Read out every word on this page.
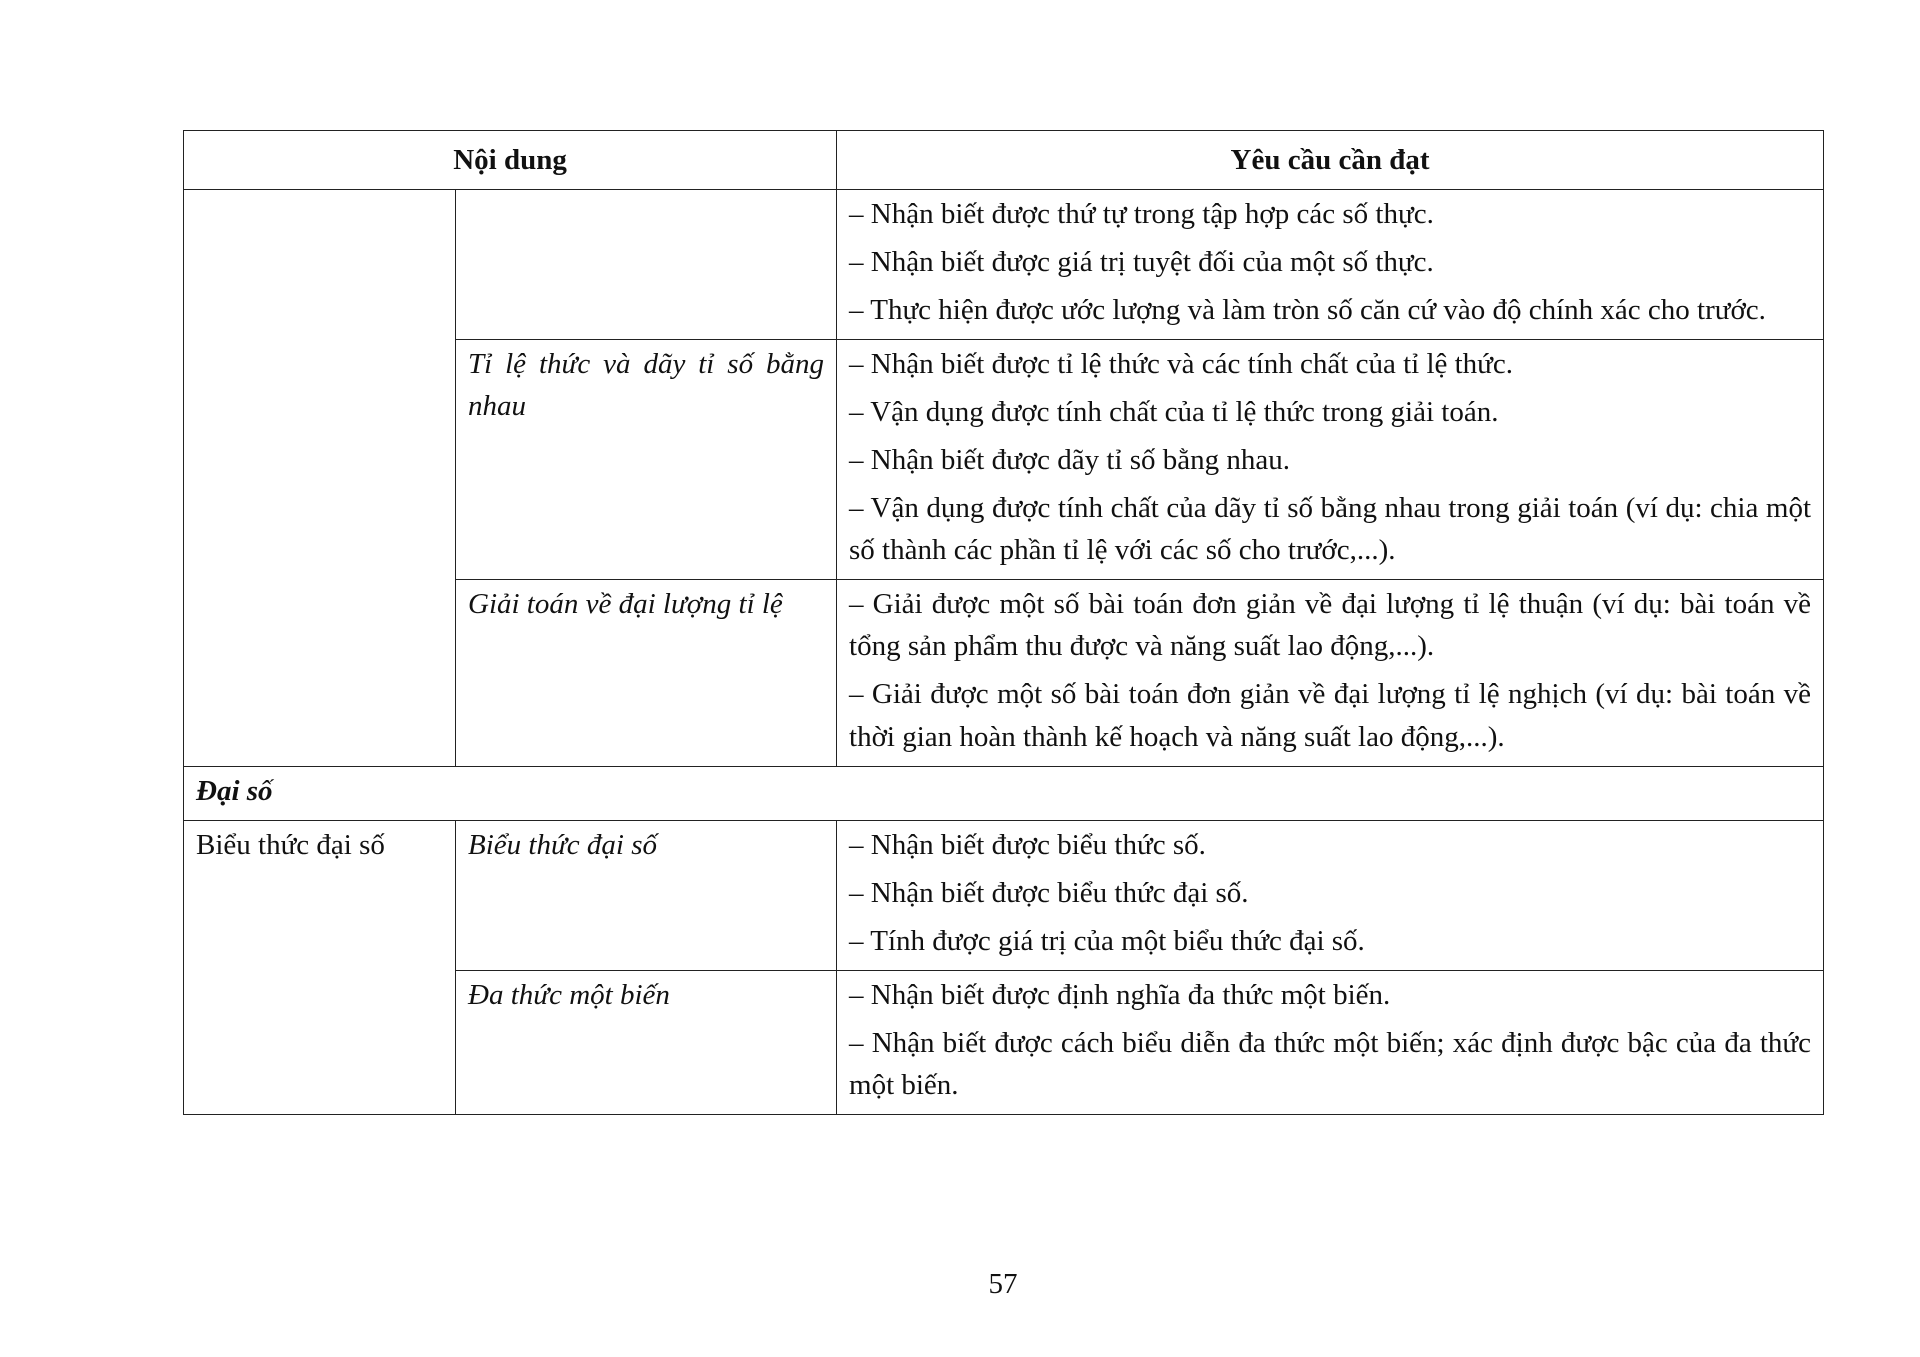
Nội dung		Yêu cầu cần đạt

		– Nhận biết được thứ tự trong tập hợp các số thực.

– Nhận biết được giá trị tuyệt đối của một số thực.

– Thực hiện được ước lượng và làm tròn số căn cứ vào độ chính xác cho trước.

	Tỉ lệ thức và dãy tỉ số bằng nhau	– Nhận biết được tỉ lệ thức và các tính chất của tỉ lệ thức.

– Vận dụng được tính chất của tỉ lệ thức trong giải toán.

– Nhận biết được dãy tỉ số bằng nhau.

– Vận dụng được tính chất của dãy tỉ số bằng nhau trong giải toán (ví dụ: chia một số thành các phần tỉ lệ với các số cho trước,...).

	Giải toán về đại lượng tỉ lệ	– Giải được một số bài toán đơn giản về đại lượng tỉ lệ thuận (ví dụ: bài toán về tổng sản phẩm thu được và năng suất lao động,...).

– Giải được một số bài toán đơn giản về đại lượng tỉ lệ nghịch (ví dụ: bài toán về thời gian hoàn thành kế hoạch và năng suất lao động,...).

Đại số		
Biểu thức đại số	Biểu thức đại số	– Nhận biết được biểu thức số.

– Nhận biết được biểu thức đại số.

– Tính được giá trị của một biểu thức đại số.

	Đa thức một biến	– Nhận biết được định nghĩa đa thức một biến.

– Nhận biết được cách biểu diễn đa thức một biến; xác định được bậc của đa thức một biến.

57
